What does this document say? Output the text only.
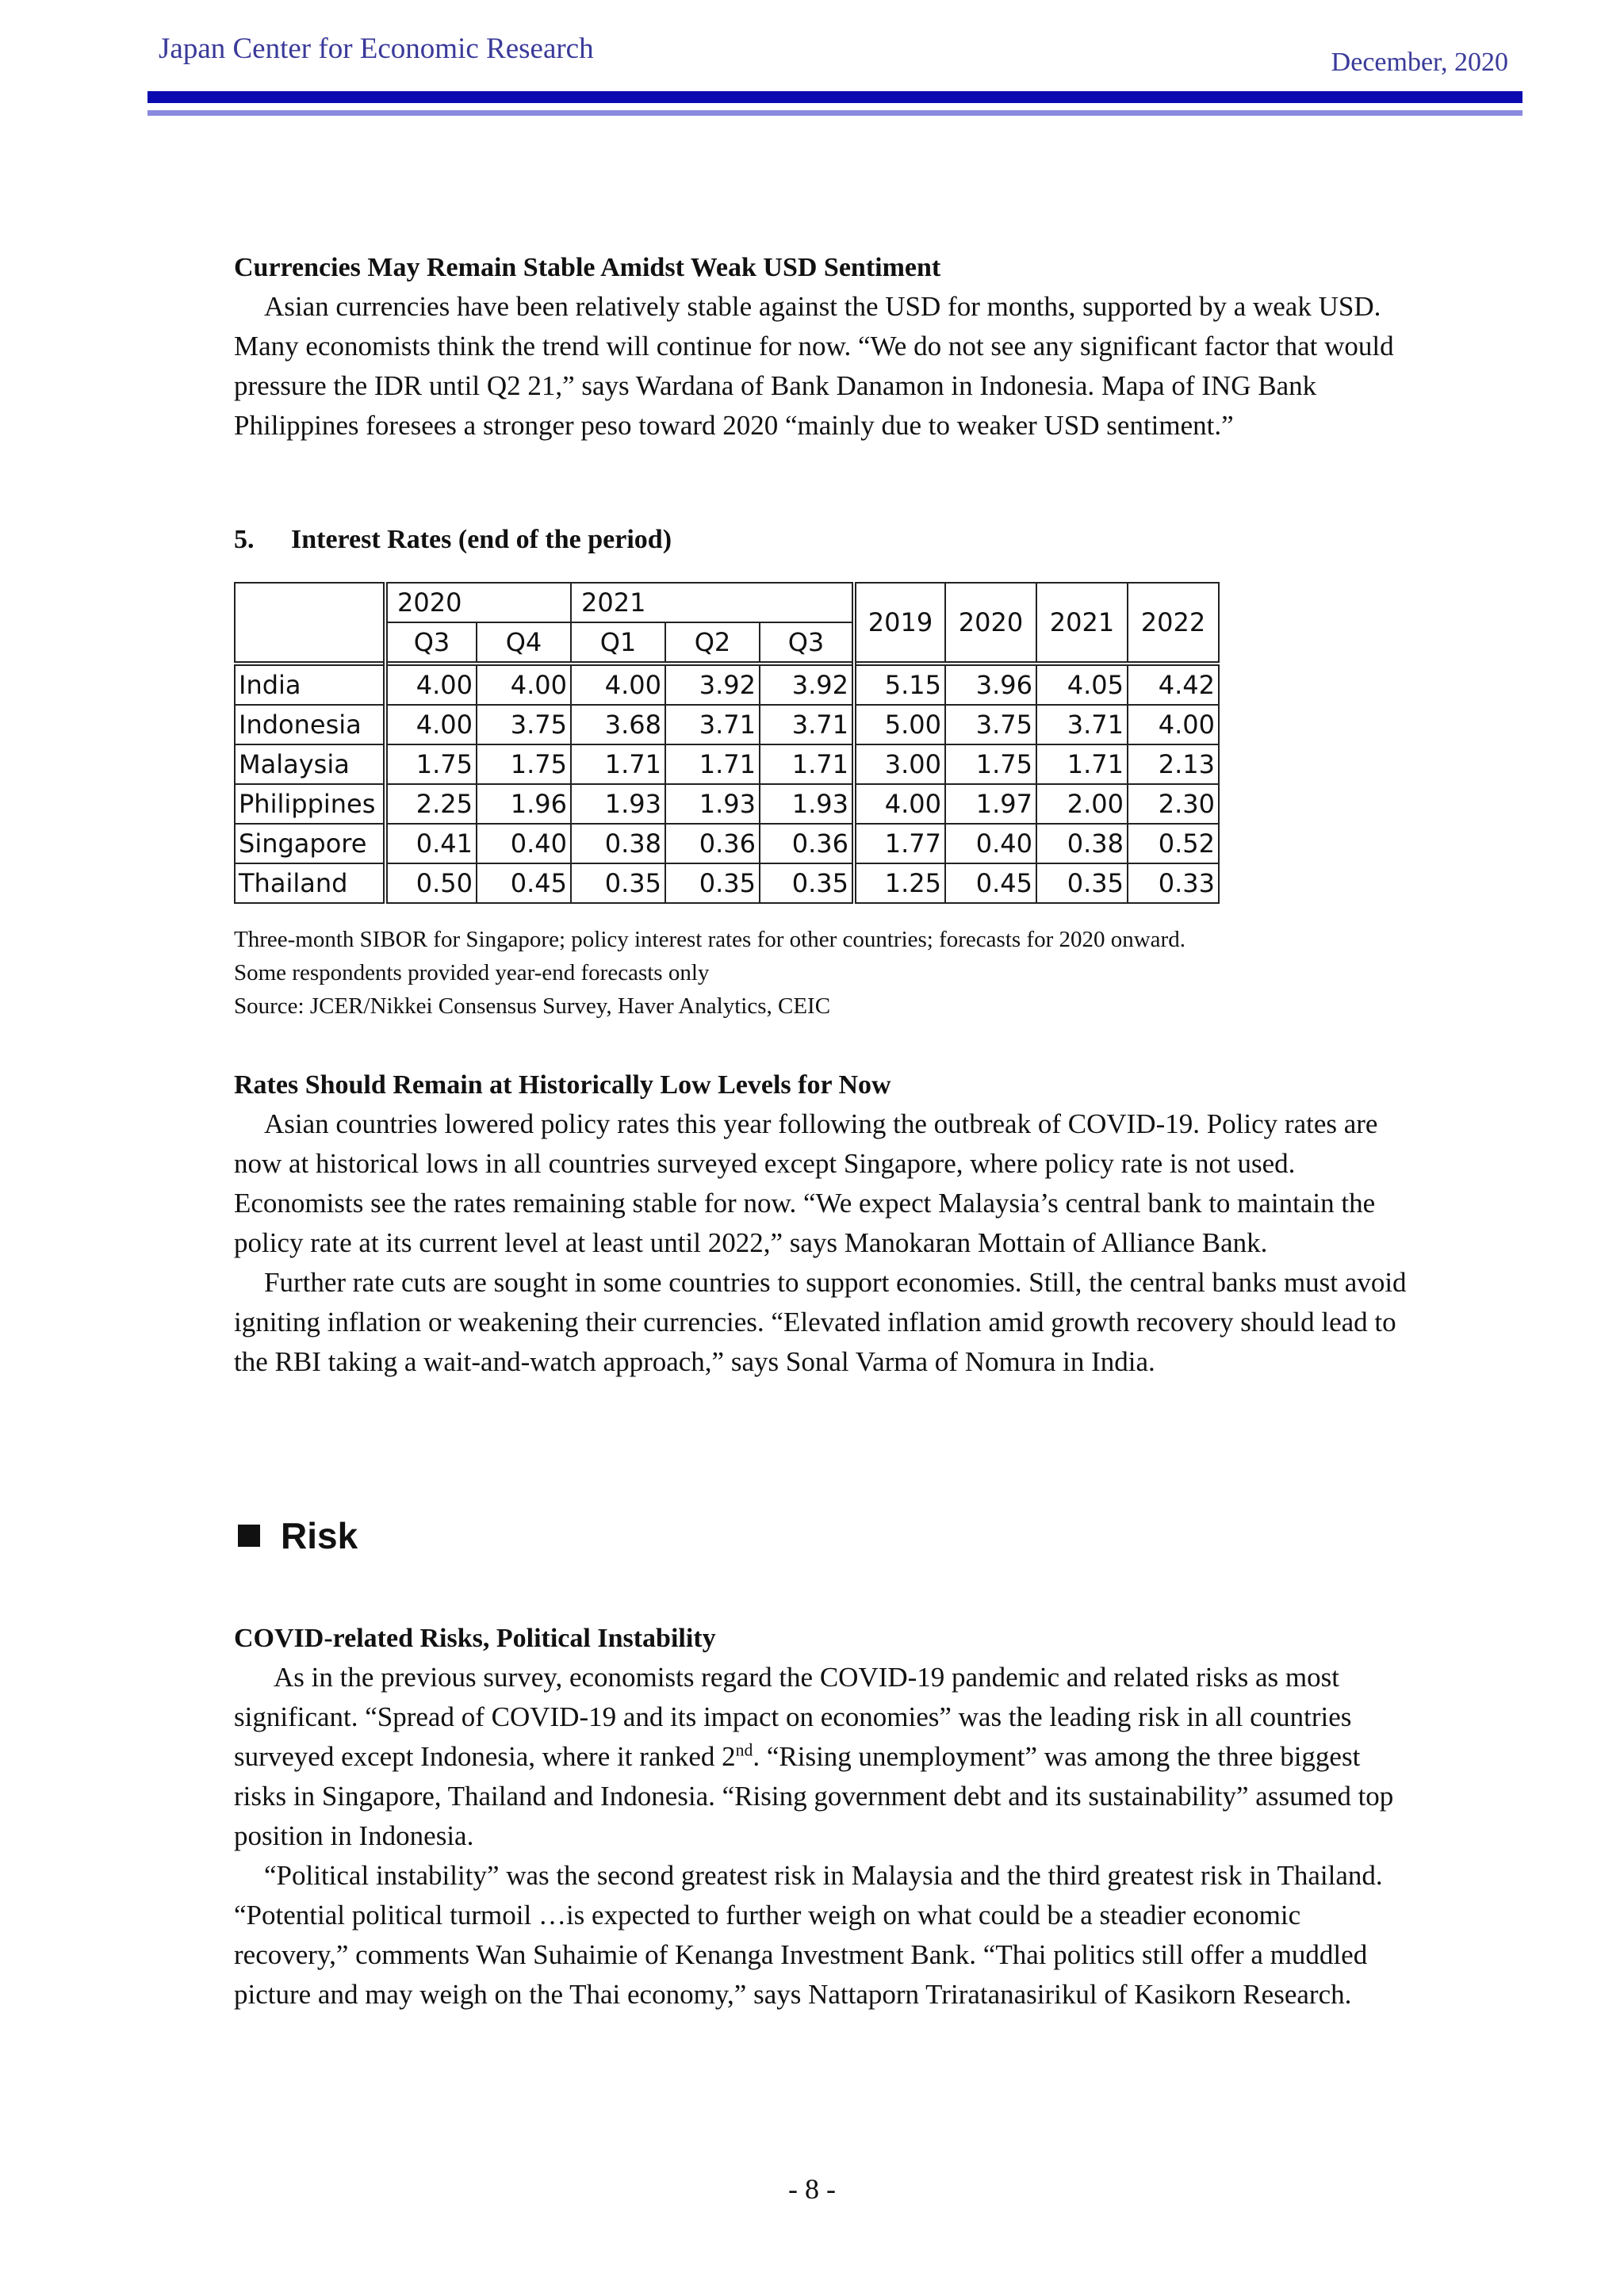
Japan Center for Economic Research	December, 2020

Currencies May Remain Stable Amidst Weak USD Sentiment

Asian currencies have been relatively stable against the USD for months, supported by a weak USD. Many economists think the trend will continue for now. “We do not see any significant factor that would pressure the IDR until Q2 21,” says Wardana of Bank Danamon in Indonesia. Mapa of ING Bank Philippines foresees a stronger peso toward 2020 “mainly due to weaker USD sentiment.”

5. Interest Rates (end of the period)
	2020		2021			2019	2020	2021	2022
	Q3	Q4	Q1	Q2	Q3				
India	4.00	4.00	4.00	3.92	3.92	5.15	3.96	4.05	4.42
Indonesia	4.00	3.75	3.68	3.71	3.71	5.00	3.75	3.71	4.00
Malaysia	1.75	1.75	1.71	1.71	1.71	3.00	1.75	1.71	2.13
Philippines	2.25	1.96	1.93	1.93	1.93	4.00	1.97	2.00	2.30
Singapore	0.41	0.40	0.38	0.36	0.36	1.77	0.40	0.38	0.52
Thailand	0.50	0.45	0.35	0.35	0.35	1.25	0.45	0.35	0.33
Three-month SIBOR for Singapore; policy interest rates for other countries; forecasts for 2020 onward.
Some respondents provided year-end forecasts only
Source: JCER/Nikkei Consensus Survey, Haver Analytics, CEIC

Rates Should Remain at Historically Low Levels for Now

Asian countries lowered policy rates this year following the outbreak of COVID-19. Policy rates are now at historical lows in all countries surveyed except Singapore, where policy rate is not used. Economists see the rates remaining stable for now. “We expect Malaysia’s central bank to maintain the policy rate at its current level at least until 2022,” says Manokaran Mottain of Alliance Bank.

Further rate cuts are sought in some countries to support economies. Still, the central banks must avoid igniting inflation or weakening their currencies. “Elevated inflation amid growth recovery should lead to the RBI taking a wait-and-watch approach,” says Sonal Varma of Nomura in India.

Risk

COVID-related Risks, Political Instability

As in the previous survey, economists regard the COVID-19 pandemic and related risks as most significant. “Spread of COVID-19 and its impact on economies” was the leading risk in all countries surveyed except Indonesia, where it ranked 2nd. “Rising unemployment” was among the three biggest risks in Singapore, Thailand and Indonesia. “Rising government debt and its sustainability” assumed top position in Indonesia.

“Political instability” was the second greatest risk in Malaysia and the third greatest risk in Thailand. “Potential political turmoil …is expected to further weigh on what could be a steadier economic recovery,” comments Wan Suhaimie of Kenanga Investment Bank. “Thai politics still offer a muddled picture and may weigh on the Thai economy,” says Nattaporn Triratanasirikul of Kasikorn Research.

- 8 -
